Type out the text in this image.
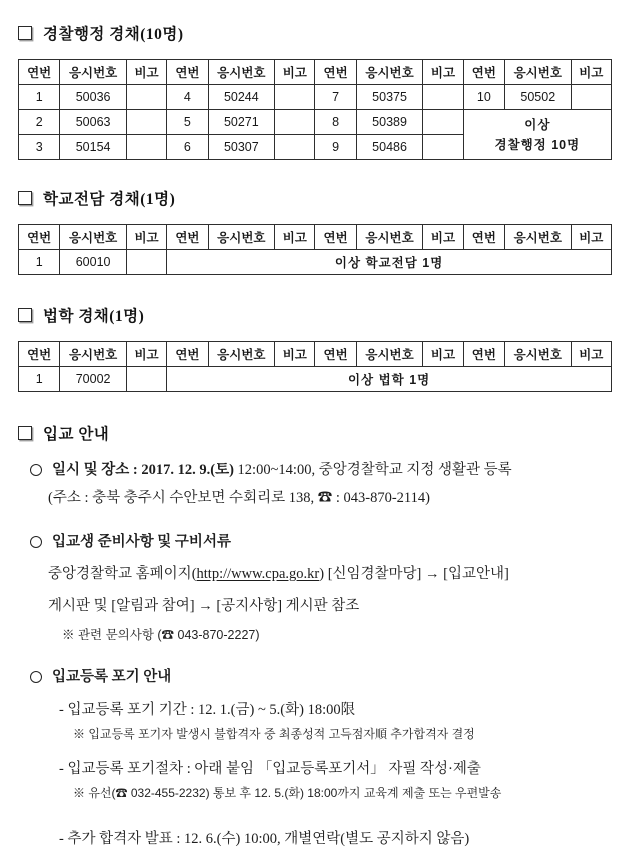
경찰행정 경채(10명)
연번	응시번호	비고	연번	응시번호	비고	연번	응시번호	비고	연번	응시번호	비고
1	50036		4	50244		7	50375		10	50502	
2	50063		5	50271		8	50389		이상
경찰행정 10명		

3	50154		6	50307		9	50486				
학교전담 경채(1명)
연번	응시번호	비고	연번	응시번호	비고	연번	응시번호	비고	연번	응시번호	비고
1	60010		이상 학교전담 1명								
법학 경채(1명)
연번	응시번호	비고	연번	응시번호	비고	연번	응시번호	비고	연번	응시번호	비고
1	70002		이상 법학 1명								
입교 안내
일시 및 장소 : 2017. 12. 9.(토) 12:00~14:00, 중앙경찰학교 지정 생활관 등록
(주소 : 충북 충주시 수안보면 수회리로 138, ☎ : 043-870-2114)
입교생 준비사항 및 구비서류
중앙경찰학교 홈페이지(http://www.cpa.go.kr) [신임경찰마당] → [입교안내]
게시판 및 [알림과 참여] → [공지사항] 게시판 참조
※ 관련 문의사항 (☎ 043-870-2227)
입교등록 포기 안내
- 입교등록 포기 기간 : 12. 1.(금) ~ 5.(화) 18:00限
※ 입교등록 포기자 발생시 불합격자 중 최종성적 고득점자順 추가합격자 결정
- 입교등록 포기절차 : 아래 붙임 「입교등록포기서」 자필 작성·제출
※ 유선(☎ 032-455-2232) 통보 후 12. 5.(화) 18:00까지 교육계 제출 또는 우편발송
- 추가 합격자 발표 : 12. 6.(수) 10:00, 개별연락(별도 공지하지 않음)
